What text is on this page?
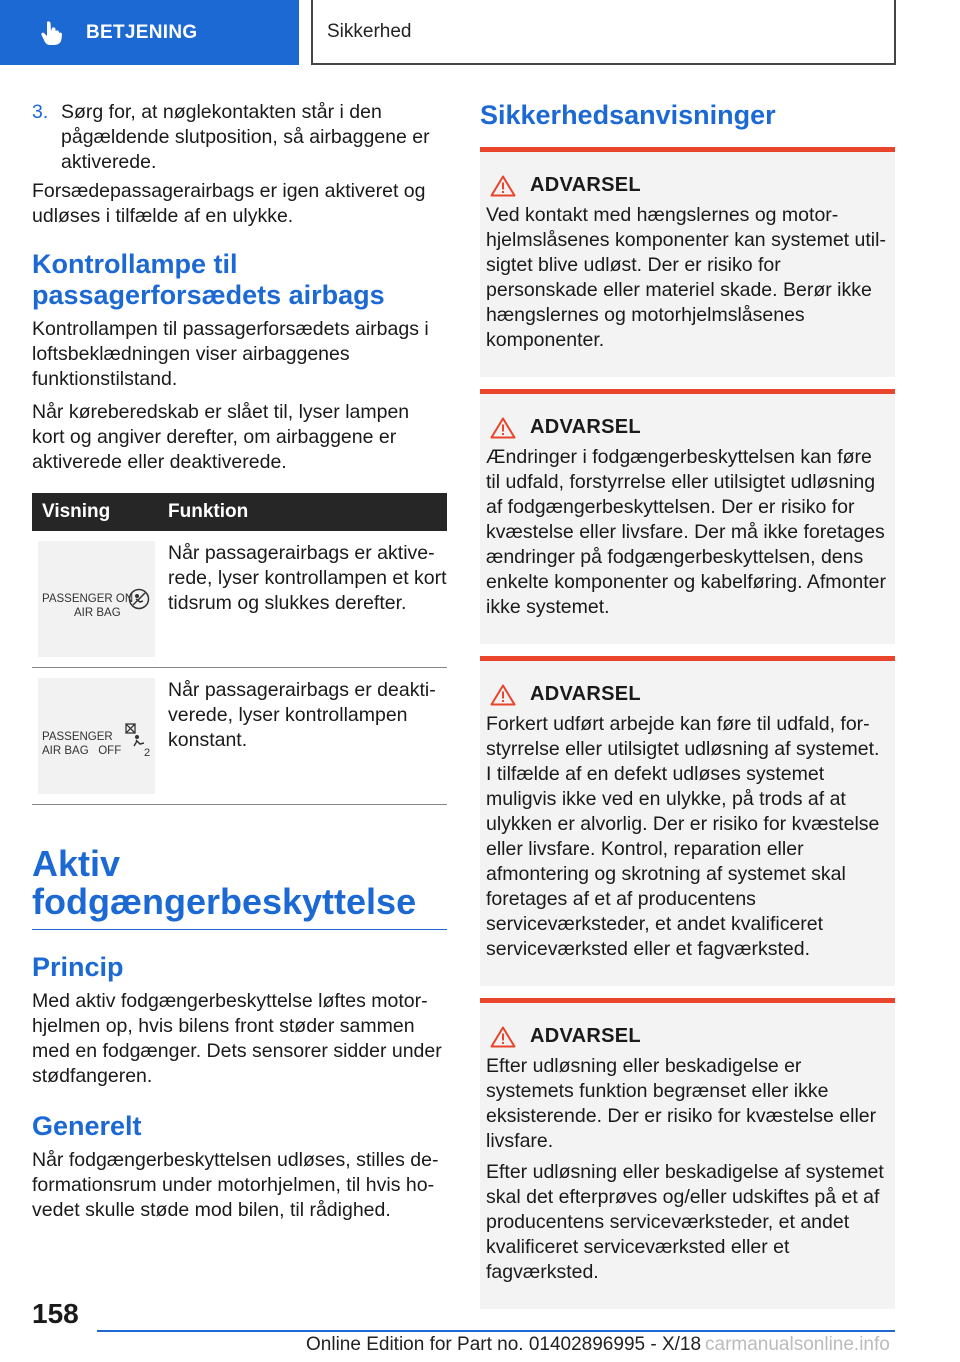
BETJENING	Sikkerhed
3. Sørg for, at nøglekontakten står i den pågældende slutposition, så airbaggene er aktiverede.

Forsædepassagerairbags er igen aktiveret og udløses i tilfælde af en ulykke.

Kontrollampe til passagerforsædets airbags

Kontrollampen til passagerforsædets airbags i loftsbeklædningen viser airbaggenes funktionstilstand.

Når køreberedskab er slået til, lyser lampen kort og angiver derefter, om airbaggene er aktiverede eller deaktiverede.

Visning	Funktion

PASSENGER ON
AIR BAG	Når passagerairbags er aktiverede, lyser kontrollampen et kort tidsrum og slukkes derefter.

PASSENGER
AIR BAG   OFF 2	Når passagerairbags er deaktiverede, lyser kontrollampen konstant.
Aktiv fodgængerbeskyttelse
Princip

Med aktiv fodgængerbeskyttelse løftes motorhjelmen op, hvis bilens front støder sammen med en fodgænger. Dets sensorer sidder under stødfangeren.

Generelt

Når fodgængerbeskyttelsen udløses, stilles deformationsrum under motorhjelmen, til hvis hovedet skulle støde mod bilen, til rådighed.

Sikkerhedsanvisninger
ADVARSEL

Ved kontakt med hængslernes og motorhjelmslåsenes komponenter kan systemet utilsigtet blive udløst. Der er risiko for personskade eller materiel skade. Berør ikke hængslernes og motorhjelmslåsenes komponenter.

ADVARSEL

Ændringer i fodgængerbeskyttelsen kan føre til udfald, forstyrrelse eller utilsigtet udløsning af fodgængerbeskyttelsen. Der er risiko for kvæstelse eller livsfare. Der må ikke foretages ændringer på fodgængerbeskyttelsen, dens enkelte komponenter og kabelføring. Afmonter ikke systemet.

ADVARSEL

Forkert udført arbejde kan føre til udfald, forstyrrelse eller utilsigtet udløsning af systemet. I tilfælde af en defekt udløses systemet muligvis ikke ved en ulykke, på trods af at ulykken er alvorlig. Der er risiko for kvæstelse eller livsfare. Kontrol, reparation eller afmontering og skrotning af systemet skal foretages af et af producentens serviceværksteder, et andet kvalificeret serviceværksted eller et fagværksted.

ADVARSEL

Efter udløsning eller beskadigelse er systemets funktion begrænset eller ikke eksisterende. Der er risiko for kvæstelse eller livsfare.

Efter udløsning eller beskadigelse af systemet skal det efterprøves og/eller udskiftes på et af producentens serviceværksteder, et andet kvalificeret serviceværksted eller et fagværksted.

158
Online Edition for Part no. 01402896995 - X/18 carmanualsonline.info
